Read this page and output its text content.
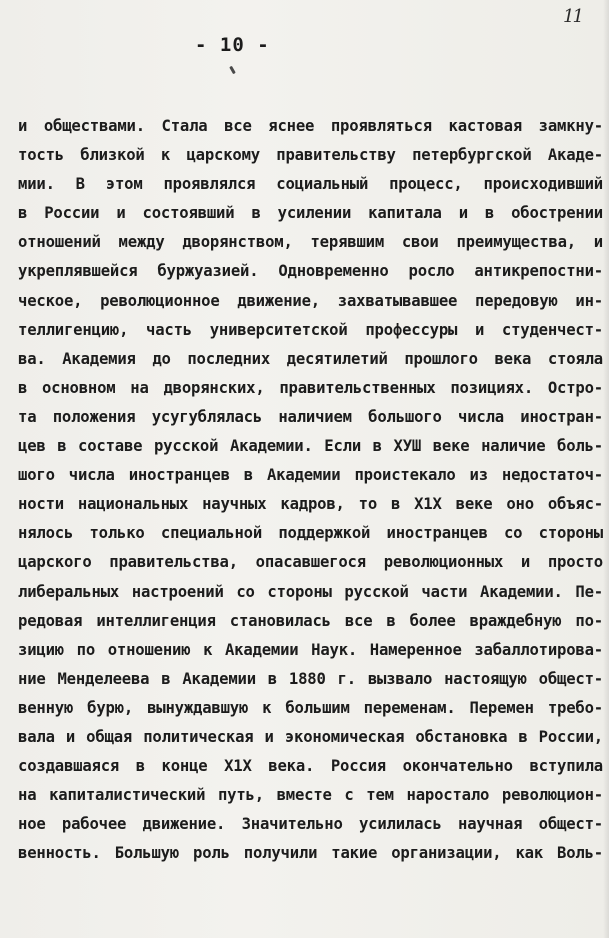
11
- 10 -
и обществами. Стала все яснее проявляться кастовая замкну-
тость близкой к царскому правительству петербургской Акаде-
мии. В этом проявлялся социальный процесс, происходивший
в России и состоявший в усилении капитала и в обострении
отношений между дворянством, терявшим свои преимущества, и
укреплявшейся буржуазией. Одновременно росло антикрепостни-
ческое, революционное движение, захватывавшее передовую ин-
теллигенцию, часть университетской профессуры и студенчест-
ва. Академия до последних десятилетий прошлого века стояла
в основном на дворянских, правительственных позициях. Остро-
та положения усугублялась наличием большого числа иностран-
цев в составе русской Академии. Если в ХУШ веке наличие боль-
шого числа иностранцев в Академии проистекало из недостаточ-
ности национальных научных кадров, то в Х1Х веке оно объяс-
нялось только специальной поддержкой иностранцев со стороны
царского правительства, опасавшегося революционных и просто
либеральных настроений со стороны русской части Академии. Пе-
редовая интеллигенция становилась все в более враждебную по-
зицию по отношению к Академии Наук. Намеренное забаллотирова-
ние Менделеева в Академии в 1880 г. вызвало настоящую общест-
венную бурю, вынуждавшую к большим переменам. Перемен требо-
вала и общая политическая и экономическая обстановка в России,
создавшаяся в конце Х1Х века. Россия окончательно вступила
на капиталистический путь, вместе с тем наростало революцион-
ное рабочее движение. Значительно усилилась научная общест-
венность. Большую роль получили такие организации, как Воль-
